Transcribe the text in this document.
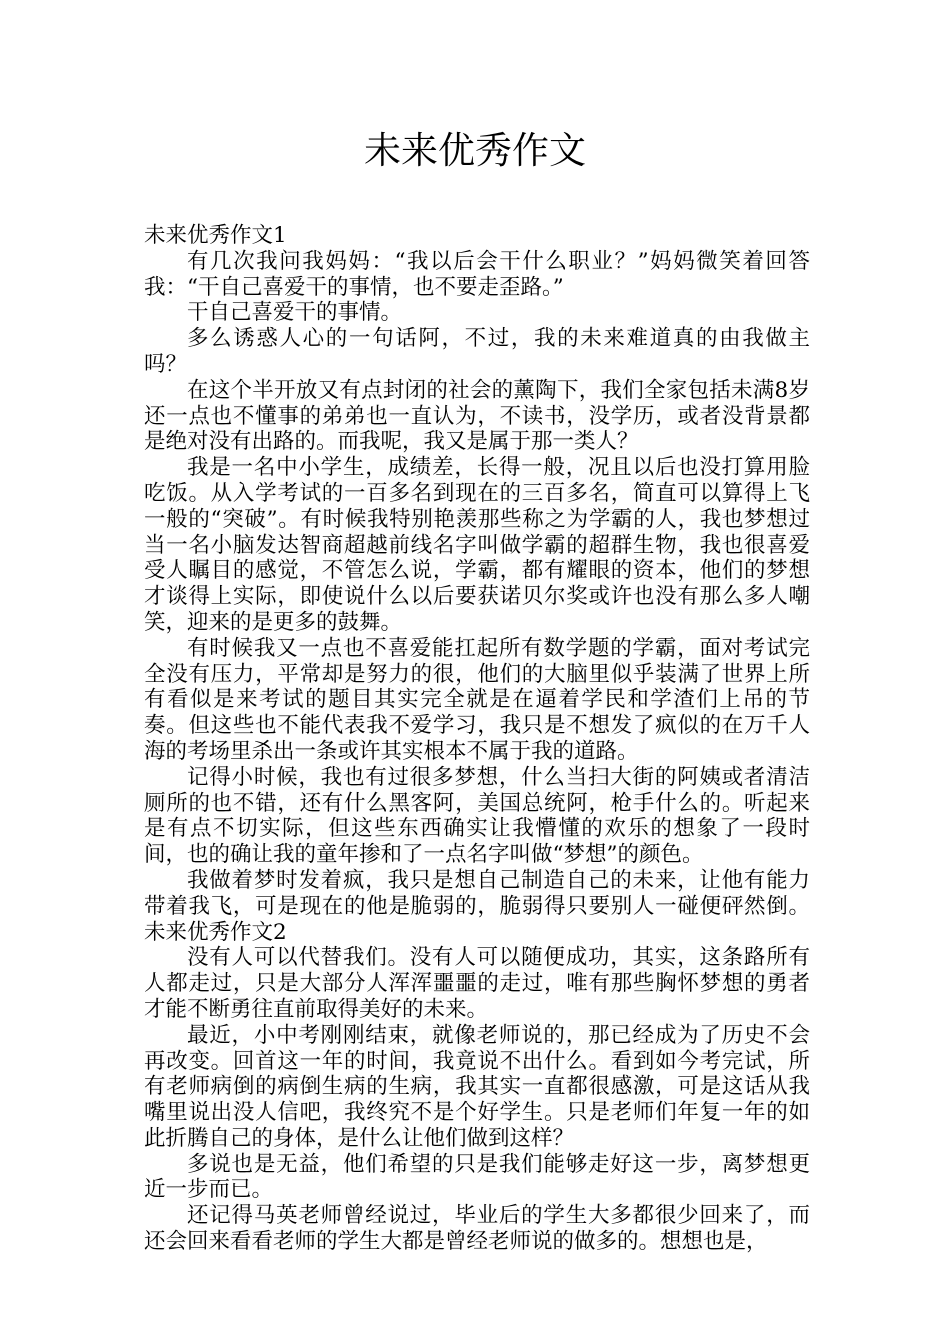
未来优秀作文

未来优秀作文1

有几次我问我妈妈：“我以后会干什么职业？”妈妈微笑着回答我：“干自己喜爱干的事情，也不要走歪路。”

干自己喜爱干的事情。

多么诱惑人心的一句话阿，不过，我的未来难道真的由我做主吗？

在这个半开放又有点封闭的社会的薰陶下，我们全家包括未满8岁还一点也不懂事的弟弟也一直认为，不读书，没学历，或者没背景都是绝对没有出路的。而我呢，我又是属于那一类人？

我是一名中小学生，成绩差，长得一般，况且以后也没打算用脸吃饭。从入学考试的一百多名到现在的三百多名，简直可以算得上飞一般的“突破”。有时候我特别艳羡那些称之为学霸的人，我也梦想过当一名小脑发达智商超越前线名字叫做学霸的超群生物，我也很喜爱受人瞩目的感觉，不管怎么说，学霸，都有耀眼的资本，他们的梦想才谈得上实际，即使说什么以后要获诺贝尔奖或许也没有那么多人嘲笑，迎来的是更多的鼓舞。

有时候我又一点也不喜爱能扛起所有数学题的学霸，面对考试完全没有压力，平常却是努力的很，他们的大脑里似乎装满了世界上所有看似是来考试的题目其实完全就是在逼着学民和学渣们上吊的节奏。但这些也不能代表我不爱学习，我只是不想发了疯似的在万千人海的考场里杀出一条或许其实根本不属于我的道路。

记得小时候，我也有过很多梦想，什么当扫大街的阿姨或者清洁厕所的也不错，还有什么黑客阿，美国总统阿，枪手什么的。听起来是有点不切实际，但这些东西确实让我懵懂的欢乐的想象了一段时间，也的确让我的童年掺和了一点名字叫做“梦想”的颜色。

我做着梦时发着疯，我只是想自己制造自己的未来，让他有能力带着我飞，可是现在的他是脆弱的，脆弱得只要别人一碰便砰然倒。未来优秀作文2

没有人可以代替我们。没有人可以随便成功，其实，这条路所有人都走过，只是大部分人浑浑噩噩的走过，唯有那些胸怀梦想的勇者才能不断勇往直前取得美好的未来。

最近，小中考刚刚结束，就像老师说的，那已经成为了历史不会再改变。回首这一年的时间，我竟说不出什么。看到如今考完试，所有老师病倒的病倒生病的生病，我其实一直都很感激，可是这话从我嘴里说出没人信吧，我终究不是个好学生。只是老师们年复一年的如此折腾自己的身体，是什么让他们做到这样？

多说也是无益，他们希望的只是我们能够走好这一步，离梦想更近一步而已。

还记得马英老师曾经说过，毕业后的学生大多都很少回来了，而还会回来看看老师的学生大都是曾经老师说的做多的。想想也是，
